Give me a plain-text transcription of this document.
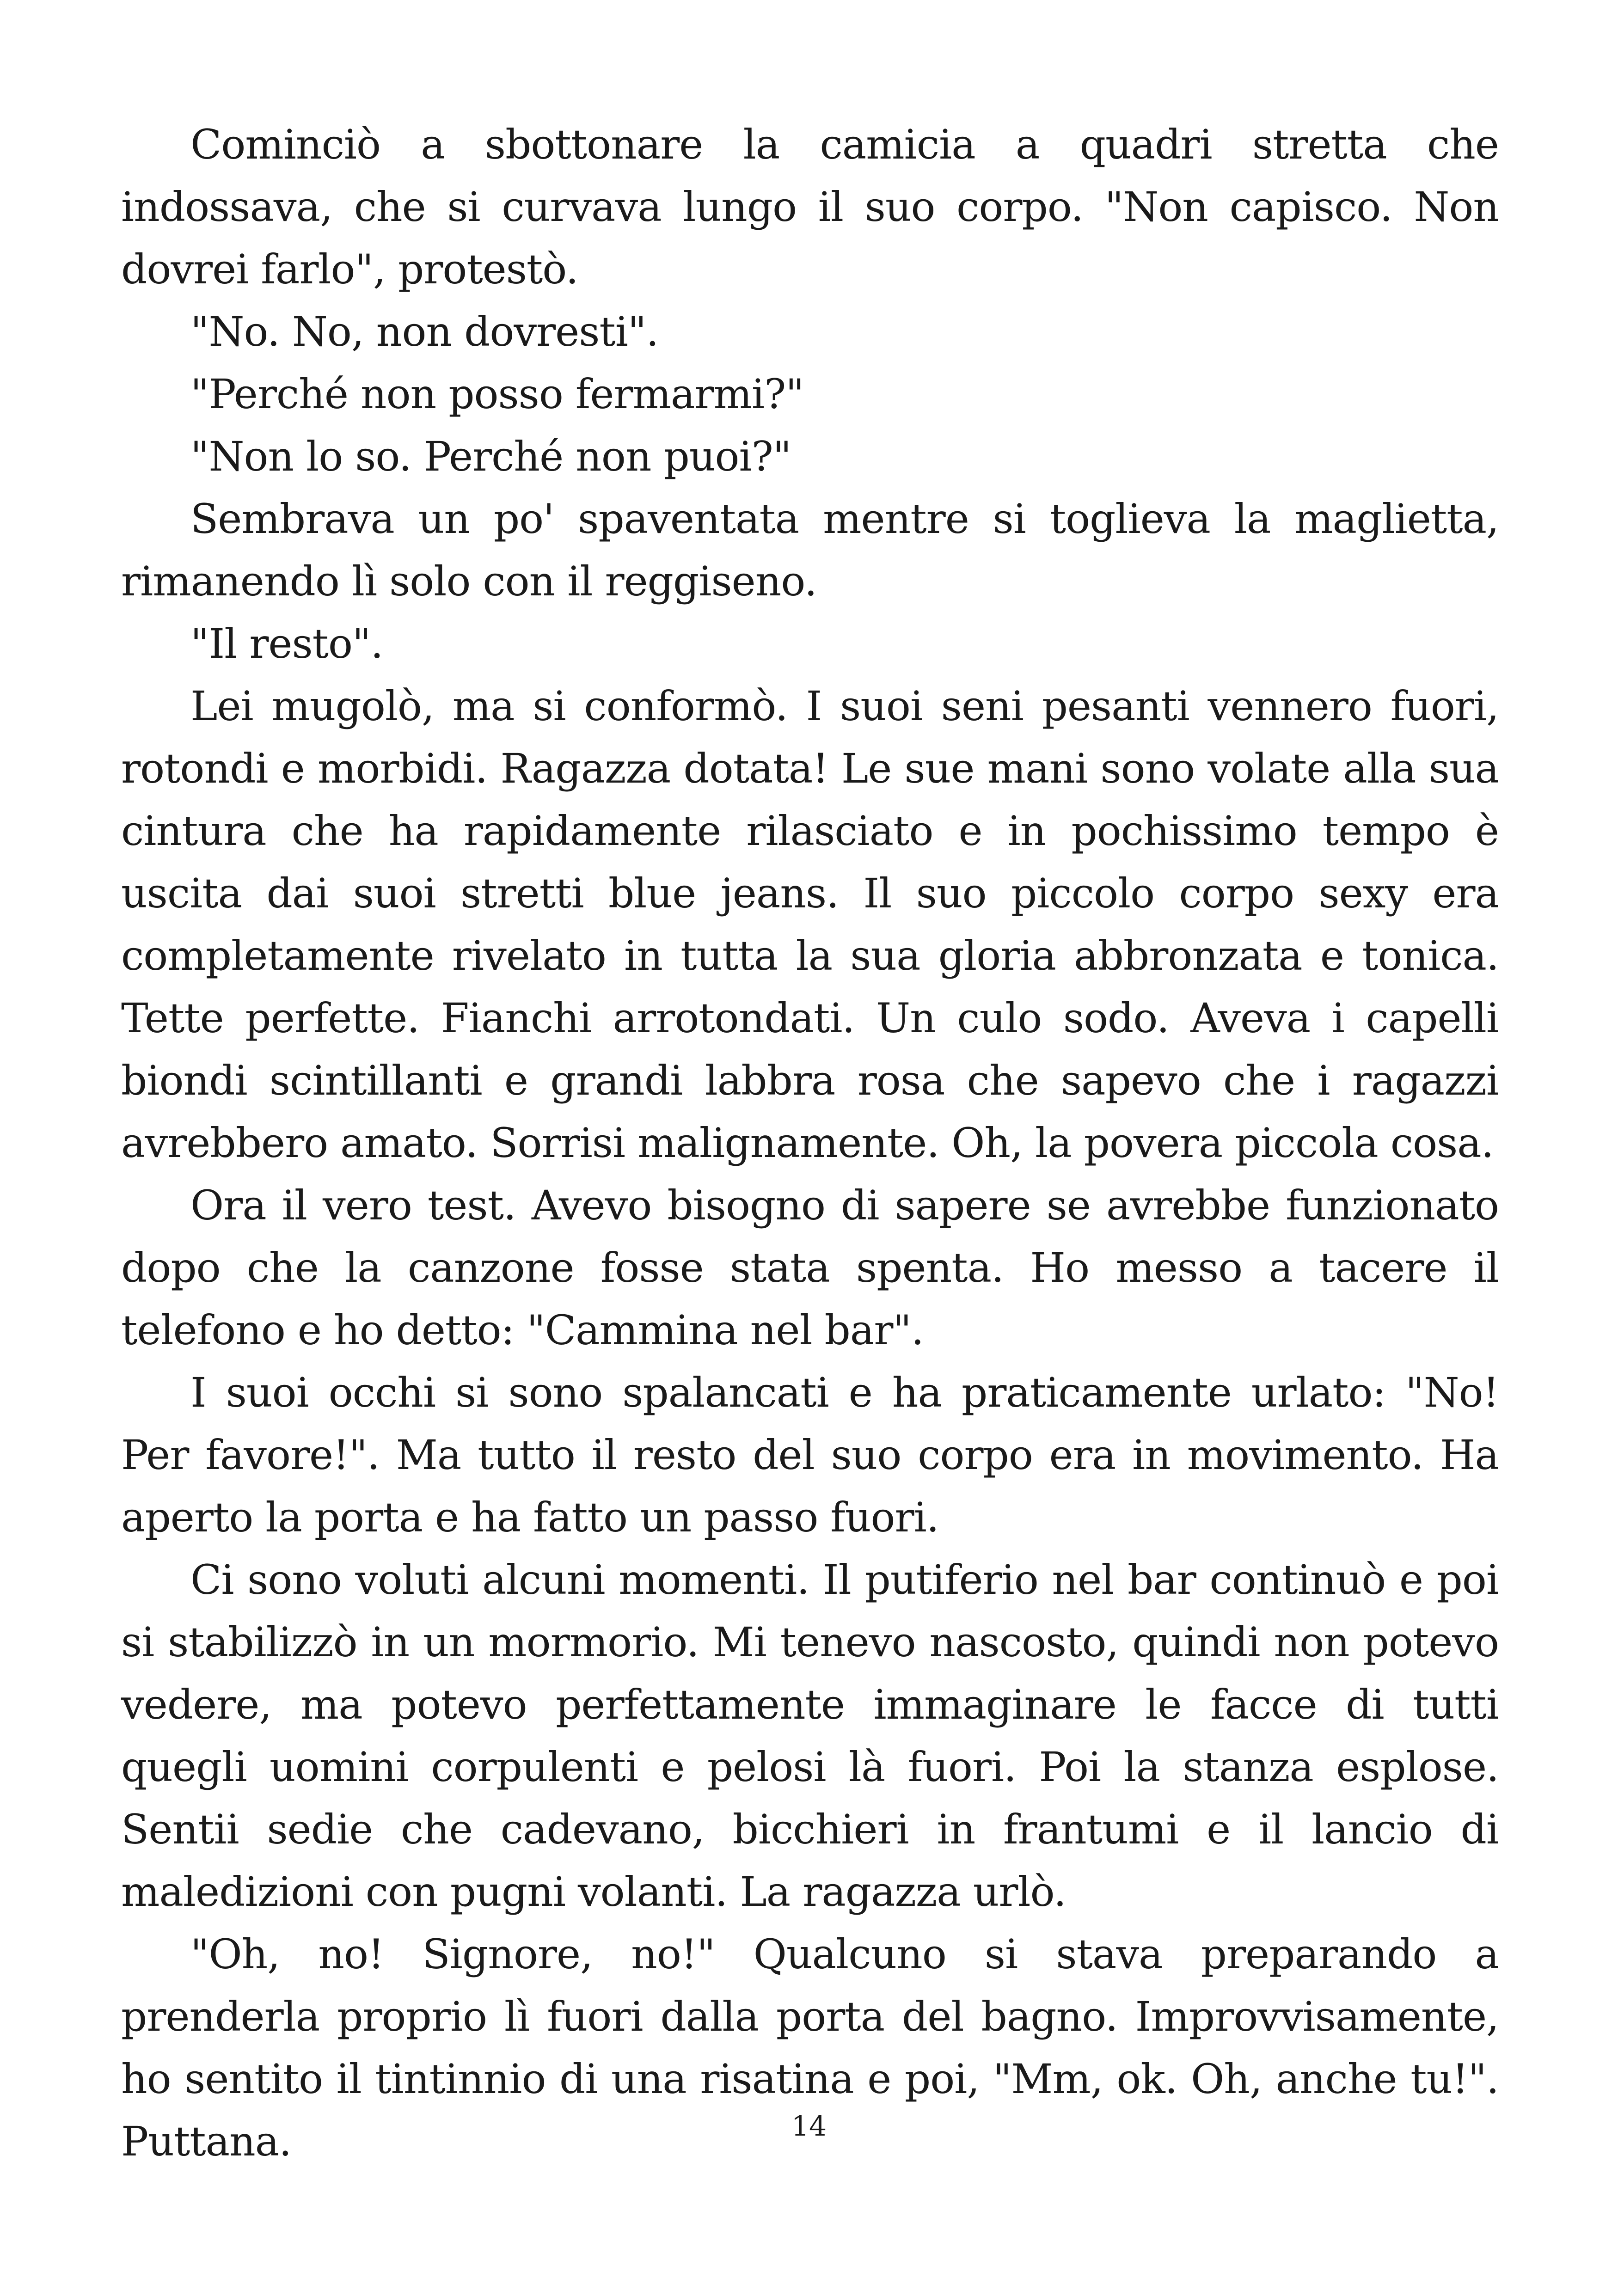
Cominciò a sbottonare la camicia a quadri stretta che indossava, che si curvava lungo il suo corpo. "Non capisco. Non dovrei farlo", protestò.

"No. No, non dovresti".

"Perché non posso fermarmi?"

"Non lo so. Perché non puoi?"

Sembrava un po' spaventata mentre si toglieva la maglietta, rimanendo lì solo con il reggiseno.

"Il resto".

Lei mugolò, ma si conformò. I suoi seni pesanti vennero fuori, rotondi e morbidi. Ragazza dotata! Le sue mani sono volate alla sua cintura che ha rapidamente rilasciato e in pochissimo tempo è uscita dai suoi stretti blue jeans. Il suo piccolo corpo sexy era completamente rivelato in tutta la sua gloria abbronzata e tonica. Tette perfette. Fianchi arrotondati. Un culo sodo. Aveva i capelli biondi scintillanti e grandi labbra rosa che sapevo che i ragazzi avrebbero amato. Sorrisi malignamente. Oh, la povera piccola cosa.

Ora il vero test. Avevo bisogno di sapere se avrebbe funzionato dopo che la canzone fosse stata spenta. Ho messo a tacere il telefono e ho detto: "Cammina nel bar".

I suoi occhi si sono spalancati e ha praticamente urlato: "No! Per favore!". Ma tutto il resto del suo corpo era in movimento. Ha aperto la porta e ha fatto un passo fuori.

Ci sono voluti alcuni momenti. Il putiferio nel bar continuò e poi si stabilizzò in un mormorio. Mi tenevo nascosto, quindi non potevo vedere, ma potevo perfettamente immaginare le facce di tutti quegli uomini corpulenti e pelosi là fuori. Poi la stanza esplose. Sentii sedie che cadevano, bicchieri in frantumi e il lancio di maledizioni con pugni volanti. La ragazza urlò.

"Oh, no! Signore, no!" Qualcuno si stava preparando a prenderla proprio lì fuori dalla porta del bagno. Improvvisamente, ho sentito il tintinnio di una risatina e poi, "Mm, ok. Oh, anche tu!". Puttana.	14
